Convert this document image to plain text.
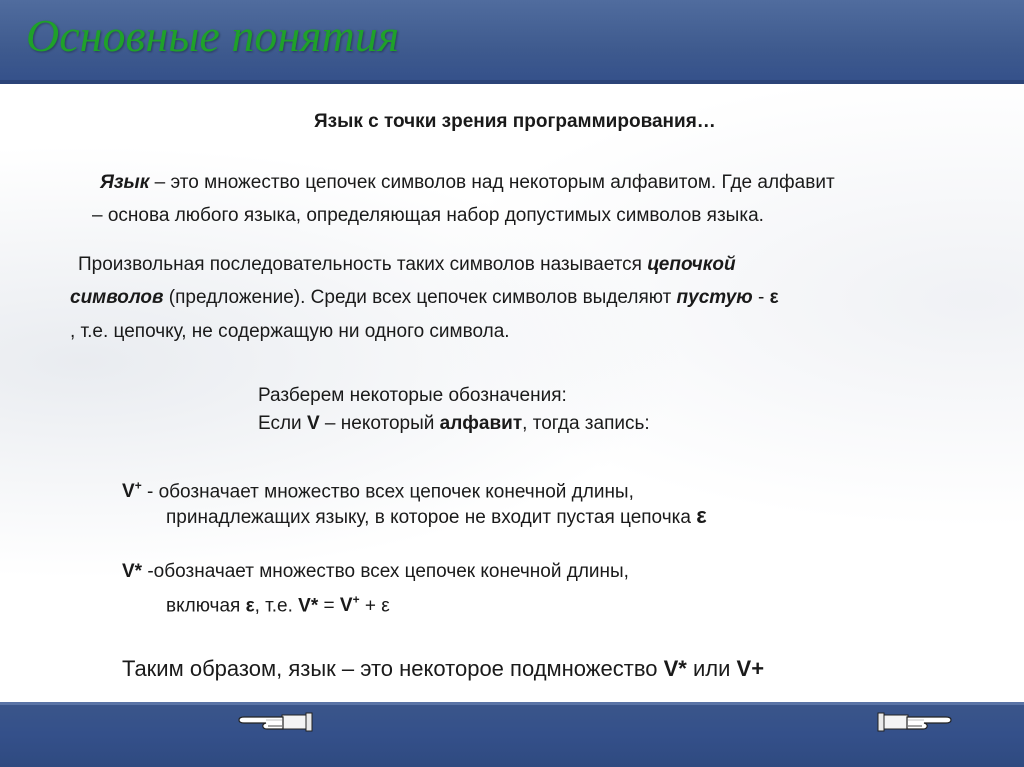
Основные понятия
Язык с точки зрения программирования…
Язык – это множество цепочек символов над некоторым алфавитом. Где алфавит
– основа любого языка, определяющая набор допустимых символов языка.
Произвольная последовательность таких символов называется цепочкой
символов (предложение). Среди всех цепочек символов выделяют пустую - ε
, т.е. цепочку, не содержащую ни одного символа.
Разберем некоторые обозначения:
Если V – некоторый алфавит, тогда запись:
V+ - обозначает множество всех цепочек конечной длины,
принадлежащих языку, в которое не входит пустая цепочка ε
V* -обозначает множество всех цепочек конечной длины,
включая ε, т.е. V* = V+ + ε
Таким образом, язык – это некоторое подмножество V* или V+
